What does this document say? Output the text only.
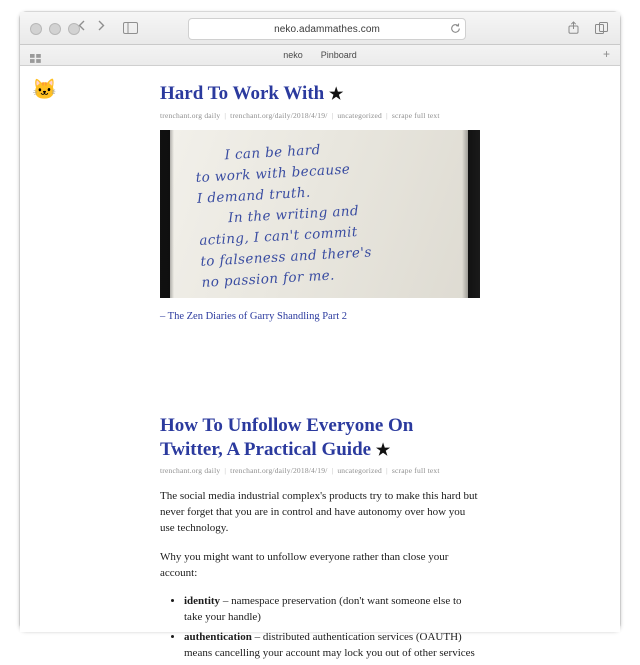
neko.adammathes.com
neko Pinboard	+
🐱	Hard To Work With ★
trenchant.org daily | trenchant.org/daily/2018/4/19/ | uncategorized | scrape full text
I can be hard
to work with because
I demand truth.
In the writing and
acting, I can't commit
to falseness and there's
no passion for me.
– The Zen Diaries of Garry Shandling Part 2
How To Unfollow Everyone On Twitter, A Practical Guide ★
trenchant.org daily | trenchant.org/daily/2018/4/19/ | uncategorized | scrape full text
The social media industrial complex's products try to make this hard but never forget that you are in control and have autonomy over how you use technology.
Why you might want to unfollow everyone rather than close your account:
• identity – namespace preservation (don't want someone else to take your handle)
• authentication – distributed authentication services (OAUTH) means cancelling your account may lock you out of other services
